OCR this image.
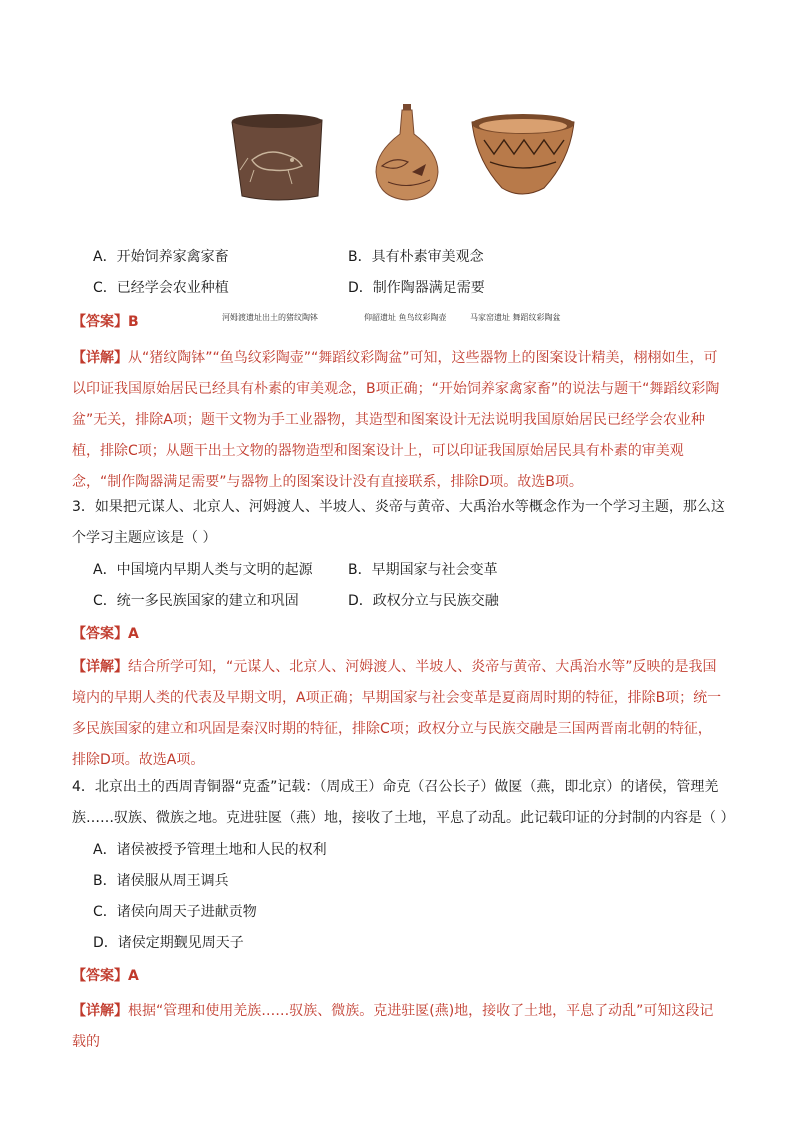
河姆渡遗址出土的猪纹陶钵	仰韶遗址 鱼鸟纹彩陶壶	马家窑遗址 舞蹈纹彩陶盆
A．开始饲养家禽家畜	B．具有朴素审美观念
C．已经学会农业种植	D．制作陶器满足需要
【答案】B
【详解】从“猪纹陶钵”“鱼鸟纹彩陶壶”“舞蹈纹彩陶盆”可知，这些器物上的图案设计精美，栩栩如生，可以印证我国原始居民已经具有朴素的审美观念，B项正确；“开始饲养家禽家畜”的说法与题干“舞蹈纹彩陶盆”无关，排除A项；题干文物为手工业器物，其造型和图案设计无法说明我国原始居民已经学会农业种植，排除C项；从题干出土文物的器物造型和图案设计上，可以印证我国原始居民具有朴素的审美观念，“制作陶器满足需要”与器物上的图案设计没有直接联系，排除D项。故选B项。
3．如果把元谋人、北京人、河姆渡人、半坡人、炎帝与黄帝、大禹治水等概念作为一个学习主题，那么这
个学习主题应该是（ ）
A．中国境内早期人类与文明的起源	B．早期国家与社会变革
C．统一多民族国家的建立和巩固	D．政权分立与民族交融
【答案】A
【详解】结合所学可知，“元谋人、北京人、河姆渡人、半坡人、炎帝与黄帝、大禹治水等”反映的是我国境内的早期人类的代表及早期文明，A项正确；早期国家与社会变革是夏商周时期的特征，排除B项；统一多民族国家的建立和巩固是秦汉时期的特征，排除C项；政权分立与民族交融是三国两晋南北朝的特征，排除D项。故选A项。
4．北京出土的西周青铜器“克盉”记载：（周成王）命克（召公长子）做匽（燕，即北京）的诸侯，管理羌
族……驭族、微族之地。克进驻匽（燕）地，接收了土地，平息了动乱。此记载印证的分封制的内容是（ ）
A．诸侯被授予管理土地和人民的权利
B．诸侯服从周王调兵
C．诸侯向周天子进献贡物
D．诸侯定期觐见周天子
【答案】A
【详解】根据“管理和使用羌族……驭族、微族。克进驻匽(燕)地，接收了土地，平息了动乱”可知这段记载的
